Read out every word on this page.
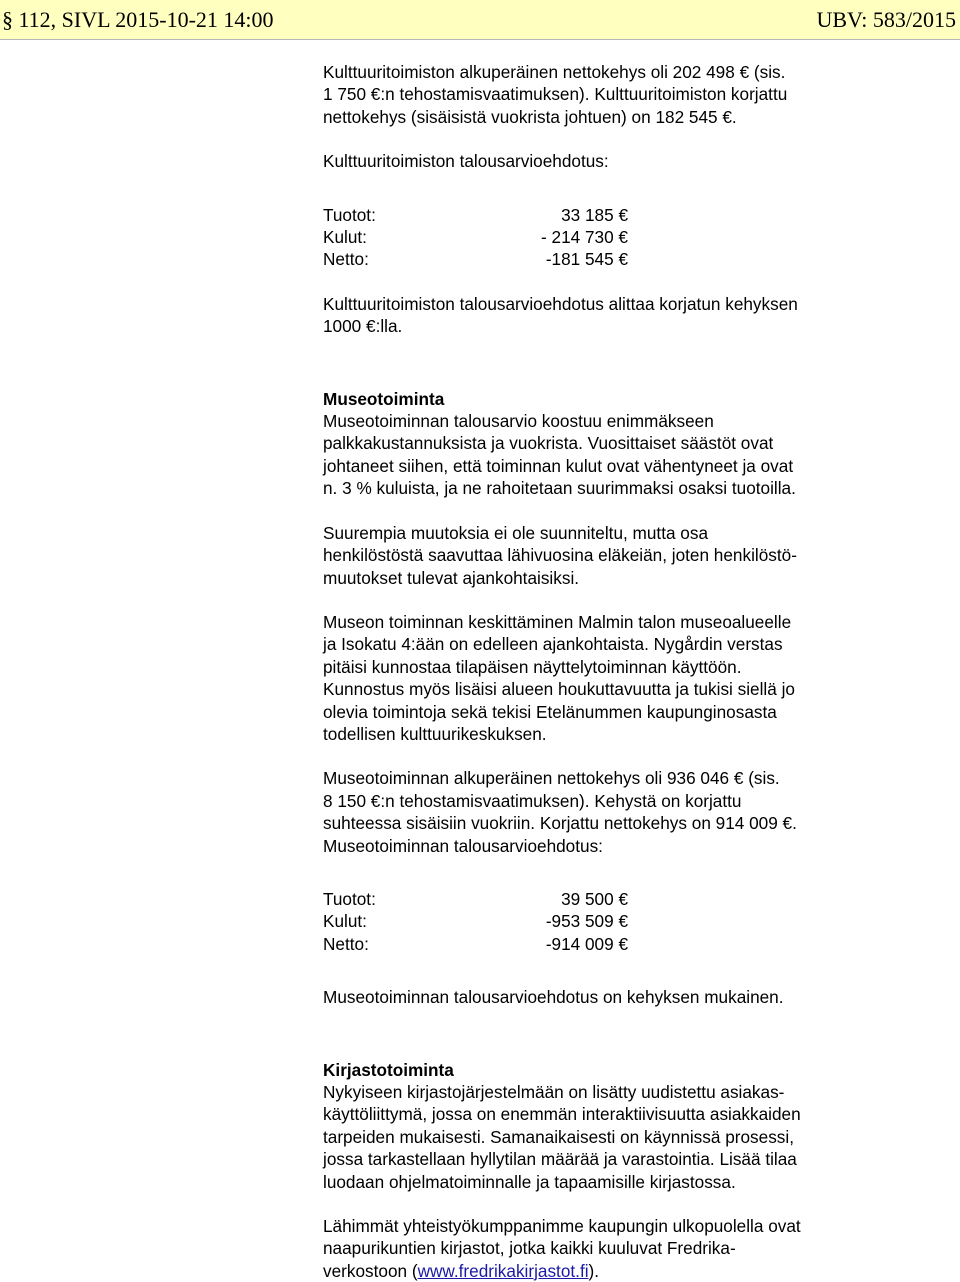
§ 112, SIVL 2015-10-21 14:00	UBV: 583/2015

Kulttuuritoimiston alkuperäinen nettokehys oli 202 498 € (sis.
1 750 €:n tehostamisvaatimuksen). Kulttuuritoimiston korjattu
nettokehys (sisäisistä vuokrista johtuen) on 182 545 €.

Kulttuuritoimiston talousarvioehdotus:

Tuotot:	33 185 €
Kulut:	- 214 730 €
Netto:	-181 545 €

Kulttuuritoimiston talousarvioehdotus alittaa korjatun kehyksen
1000 €:lla.

Museotoiminta

Museotoiminnan talousarvio koostuu enimmäkseen
palkkakustannuksista ja vuokrista. Vuosittaiset säästöt ovat
johtaneet siihen, että toiminnan kulut ovat vähentyneet ja ovat
n. 3 % kuluista, ja ne rahoitetaan suurimmaksi osaksi tuotoilla.

Suurempia muutoksia ei ole suunniteltu, mutta osa
henkilöstöstä saavuttaa lähivuosina eläkeiän, joten henkilöstö-
muutokset tulevat ajankohtaisiksi.

Museon toiminnan keskittäminen Malmin talon museoalueelle
ja Isokatu 4:ään on edelleen ajankohtaista. Nygårdin verstas
pitäisi kunnostaa tilapäisen näyttelytoiminnan käyttöön.
Kunnostus myös lisäisi alueen houkuttavuutta ja tukisi siellä jo
olevia toimintoja sekä tekisi Etelänummen kaupunginosasta
todellisen kulttuurikeskuksen.

Museotoiminnan alkuperäinen nettokehys oli 936 046 € (sis.
8 150 €:n tehostamisvaatimuksen). Kehystä on korjattu
suhteessa sisäisiin vuokriin. Korjattu nettokehys on 914 009 €.
Museotoiminnan talousarvioehdotus:

Tuotot:	39 500 €
Kulut:	-953 509 €
Netto:	-914 009 €

Museotoiminnan talousarvioehdotus on kehyksen mukainen.

Kirjastotoiminta

Nykyiseen kirjastojärjestelmään on lisätty uudistettu asiakas-
käyttöliittymä, jossa on enemmän interaktiivisuutta asiakkaiden
tarpeiden mukaisesti. Samanaikaisesti on käynnissä prosessi,
jossa tarkastellaan hyllytilan määrää ja varastointia. Lisää tilaa
luodaan ohjelmatoiminnalle ja tapaamisille kirjastossa.

Lähimmät yhteistyökumppanimme kaupungin ulkopuolella ovat
naapurikuntien kirjastot, jotka kaikki kuuluvat Fredrika-
verkostoon (www.fredrikakirjastot.fi).
